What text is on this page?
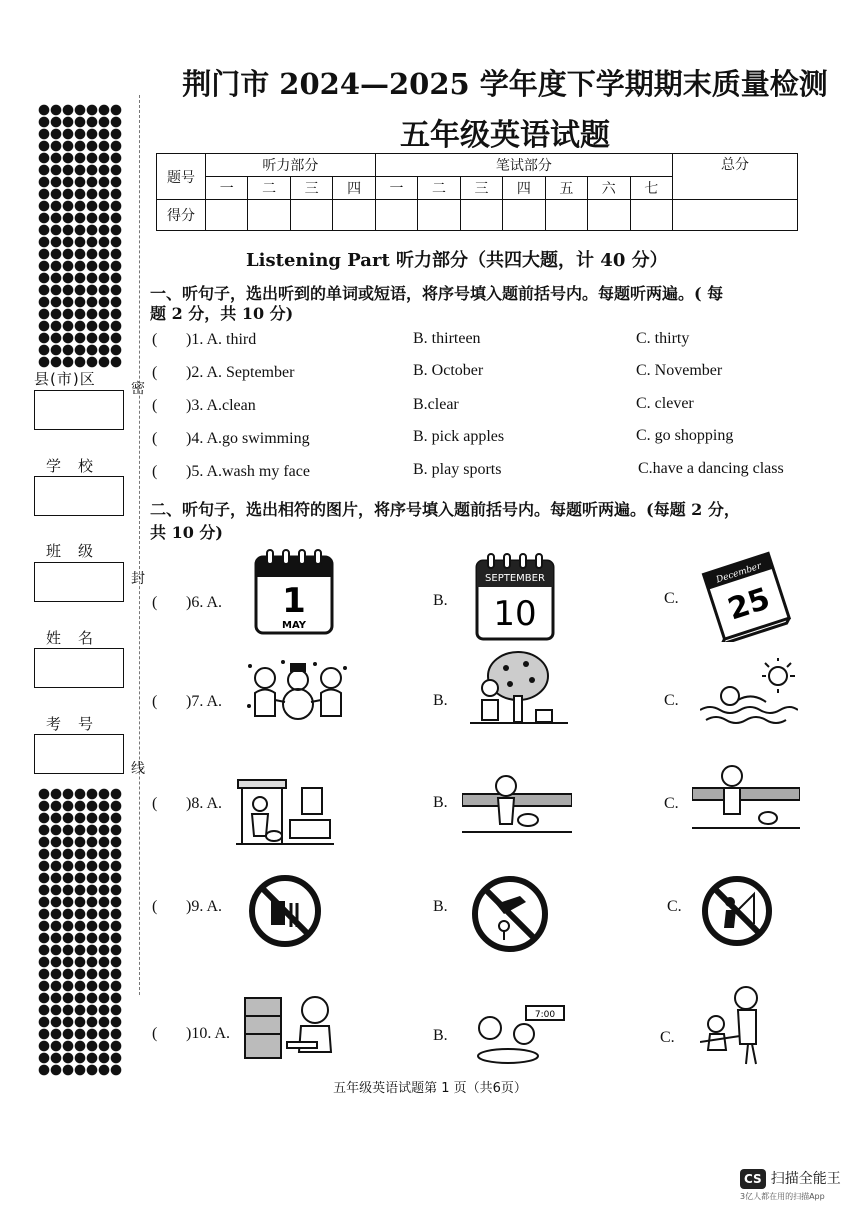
县(市)区
学　校
班　级
姓　名
考　号
密
封
线
荆门市 2024—2025 学年度下学期期末质量检测
五年级英语试题
题号	听力部分				笔试部分							总分
	一	二	三	四	一	二	三	四	五	六	七	
得分												
Listening Part 听力部分（共四大题，计 40 分）
一、听句子，选出听到的单词或短语，将序号填入题前括号内。每题听两遍。( 每
题 2 分，共 10 分)
( )1. A. third	B. thirteen	C. thirty
( )2. A. September	B. October	C. November
( )3. A.clean	B.clear	C. clever
( )4. A.go swimming	B. pick apples	C. go shopping
( )5. A.wash my face	B. play sports	C.have a dancing class
二、听句子，选出相符的图片，将序号填入题前括号内。每题听两遍。(每题 2 分，
共 10 分)
( )6. A.	B.	C.
1
MAY
SEPTEMBER
10
December
25
( )7. A.	B.	C.
( )8. A.	B.	C.
( )9. A.	B.	C.
( )10. A.	B.	C.
7:00
五年级英语试题第 1 页（共6页）
CS 扫描全能王
3亿人都在用的扫描App
